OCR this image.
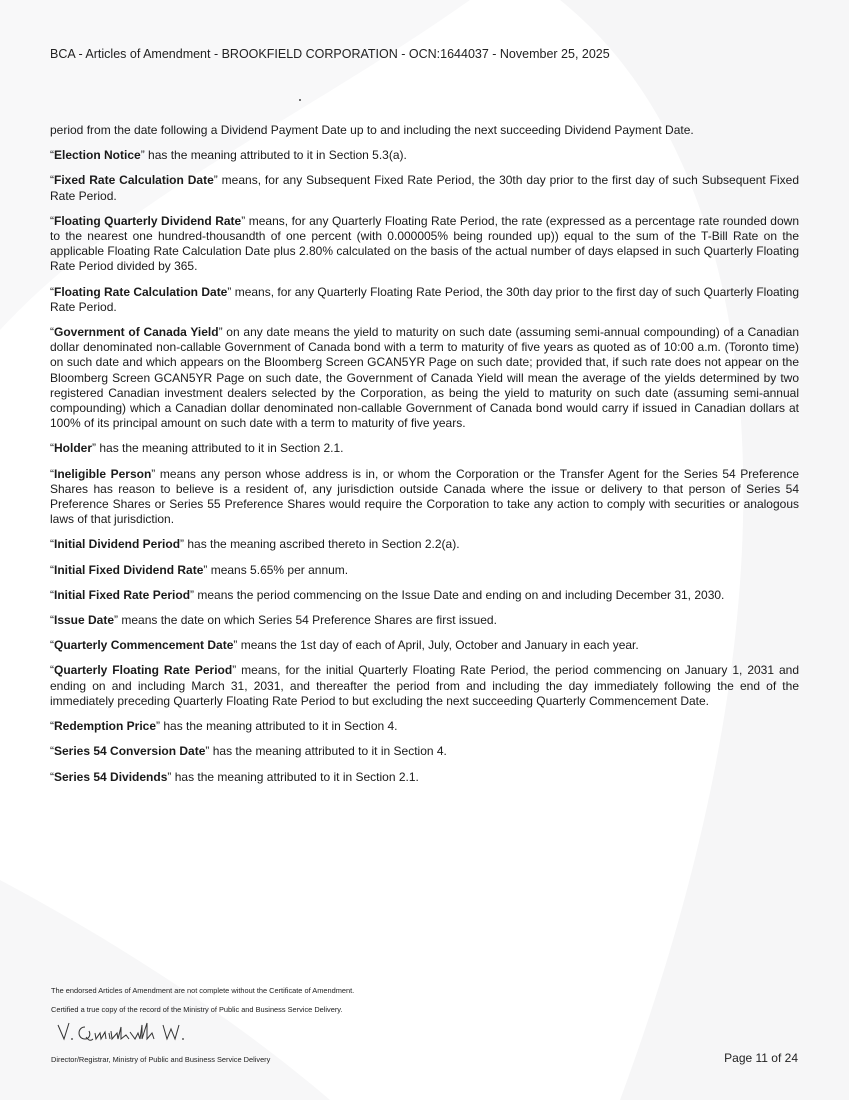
BCA - Articles of Amendment - BROOKFIELD CORPORATION - OCN:1644037 - November 25, 2025

period from the date following a Dividend Payment Date up to and including the next succeeding Dividend Payment Date.

“Election Notice” has the meaning attributed to it in Section 5.3(a).

“Fixed Rate Calculation Date” means, for any Subsequent Fixed Rate Period, the 30th day prior to the first day of such Subsequent Fixed Rate Period.

“Floating Quarterly Dividend Rate” means, for any Quarterly Floating Rate Period, the rate (expressed as a percentage rate rounded down to the nearest one hundred-thousandth of one percent (with 0.000005% being rounded up)) equal to the sum of the T-Bill Rate on the applicable Floating Rate Calculation Date plus 2.80% calculated on the basis of the actual number of days elapsed in such Quarterly Floating Rate Period divided by 365.

“Floating Rate Calculation Date” means, for any Quarterly Floating Rate Period, the 30th day prior to the first day of such Quarterly Floating Rate Period.

“Government of Canada Yield” on any date means the yield to maturity on such date (assuming semi-annual compounding) of a Canadian dollar denominated non-callable Government of Canada bond with a term to maturity of five years as quoted as of 10:00 a.m. (Toronto time) on such date and which appears on the Bloomberg Screen GCAN5YR Page on such date; provided that, if such rate does not appear on the Bloomberg Screen GCAN5YR Page on such date, the Government of Canada Yield will mean the average of the yields determined by two registered Canadian investment dealers selected by the Corporation, as being the yield to maturity on such date (assuming semi-annual compounding) which a Canadian dollar denominated non-callable Government of Canada bond would carry if issued in Canadian dollars at 100% of its principal amount on such date with a term to maturity of five years.

“Holder” has the meaning attributed to it in Section 2.1.

“Ineligible Person” means any person whose address is in, or whom the Corporation or the Transfer Agent for the Series 54 Preference Shares has reason to believe is a resident of, any jurisdiction outside Canada where the issue or delivery to that person of Series 54 Preference Shares or Series 55 Preference Shares would require the Corporation to take any action to comply with securities or analogous laws of that jurisdiction.

“Initial Dividend Period” has the meaning ascribed thereto in Section 2.2(a).

“Initial Fixed Dividend Rate” means 5.65% per annum.

“Initial Fixed Rate Period” means the period commencing on the Issue Date and ending on and including December 31, 2030.

“Issue Date” means the date on which Series 54 Preference Shares are first issued.

“Quarterly Commencement Date” means the 1st day of each of April, July, October and January in each year.

“Quarterly Floating Rate Period” means, for the initial Quarterly Floating Rate Period, the period commencing on January 1, 2031 and ending on and including March 31, 2031, and thereafter the period from and including the day immediately following the end of the immediately preceding Quarterly Floating Rate Period to but excluding the next succeeding Quarterly Commencement Date.

“Redemption Price” has the meaning attributed to it in Section 4.

“Series 54 Conversion Date” has the meaning attributed to it in Section 4.

“Series 54 Dividends” has the meaning attributed to it in Section 2.1.

The endorsed Articles of Amendment are not complete without the Certificate of Amendment.
Certified a true copy of the record of the Ministry of Public and Business Service Delivery.
Director/Registrar, Ministry of Public and Business Service Delivery	Page 11 of 24
